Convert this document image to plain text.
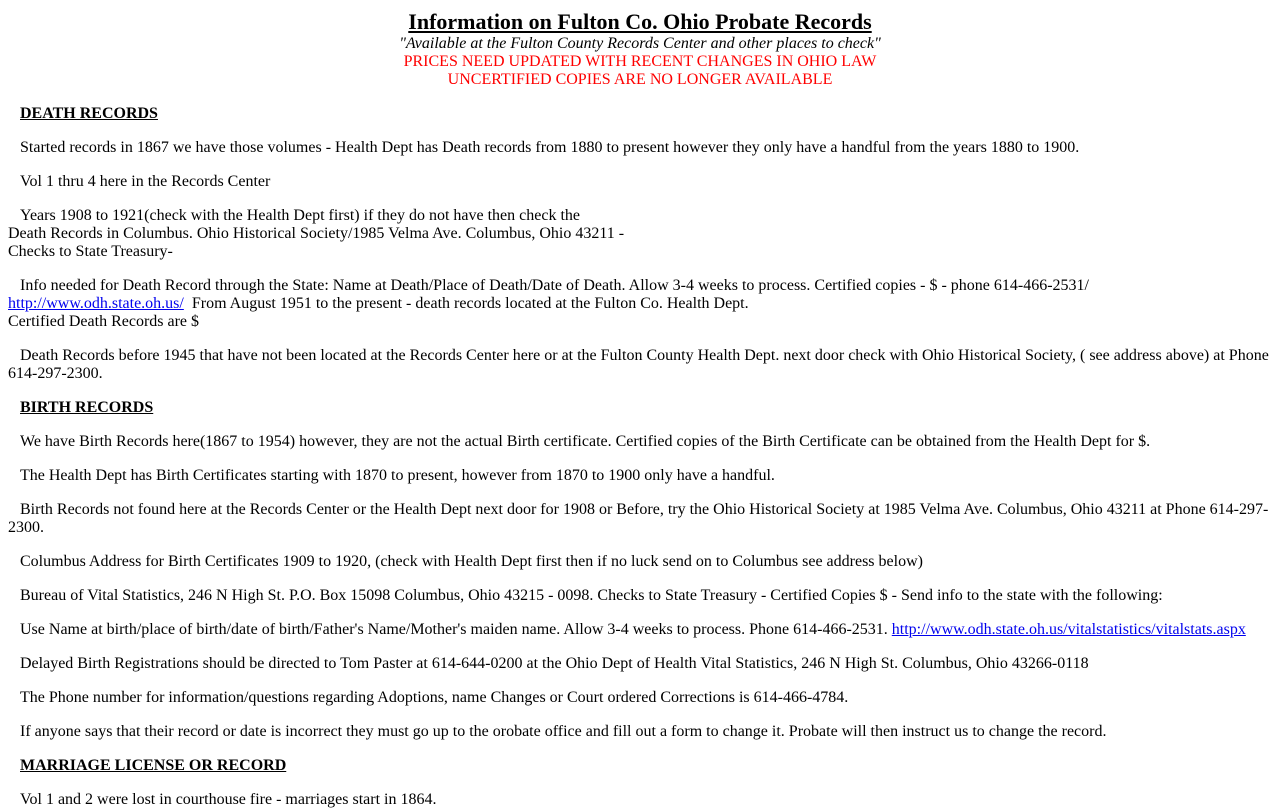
Information on Fulton Co. Ohio Probate Records
"Available at the Fulton County Records Center and other places to check"
PRICES NEED UPDATED WITH RECENT CHANGES IN OHIO LAW
UNCERTIFIED COPIES ARE NO LONGER AVAILABLE
DEATH RECORDS

Started records in 1867 we have those volumes - Health Dept has Death records from 1880 to present however they only have a handful from the years 1880 to 1900.

Vol 1 thru 4 here in the Records Center

Years 1908 to 1921(check with the Health Dept first) if they do not have then check the
Death Records in Columbus. Ohio Historical Society/1985 Velma Ave. Columbus, Ohio 43211 -
Checks to State Treasury-

Info needed for Death Record through the State: Name at Death/Place of Death/Date of Death. Allow 3-4 weeks to process. Certified copies - $ - phone 614-466-2531/
http://www.odh.state.oh.us/  From August 1951 to the present - death records located at the Fulton Co. Health Dept.
Certified Death Records are $

Death Records before 1945 that have not been located at the Records Center here or at the Fulton County Health Dept. next door check with Ohio Historical Society, ( see address above) at Phone 614-297-2300.

BIRTH RECORDS

We have Birth Records here(1867 to 1954) however, they are not the actual Birth certificate. Certified copies of the Birth Certificate can be obtained from the Health Dept for $.

The Health Dept has Birth Certificates starting with 1870 to present, however from 1870 to 1900 only have a handful.

Birth Records not found here at the Records Center or the Health Dept next door for 1908 or Before, try the Ohio Historical Society at 1985 Velma Ave. Columbus, Ohio 43211 at Phone 614-297-2300.

Columbus Address for Birth Certificates 1909 to 1920, (check with Health Dept first then if no luck send on to Columbus see address below)

Bureau of Vital Statistics, 246 N High St. P.O. Box 15098 Columbus, Ohio 43215 - 0098. Checks to State Treasury - Certified Copies $ - Send info to the state with the following:

Use Name at birth/place of birth/date of birth/Father's Name/Mother's maiden name. Allow 3-4 weeks to process. Phone 614-466-2531. http://www.odh.state.oh.us/vitalstatistics/vitalstats.aspx

Delayed Birth Registrations should be directed to Tom Paster at 614-644-0200 at the Ohio Dept of Health Vital Statistics, 246 N High St. Columbus, Ohio 43266-0118

The Phone number for information/questions regarding Adoptions, name Changes or Court ordered Corrections is 614-466-4784.

If anyone says that their record or date is incorrect they must go up to the orobate office and fill out a form to change it. Probate will then instruct us to change the record.

MARRIAGE LICENSE OR RECORD

Vol 1 and 2 were lost in courthouse fire - marriages start in 1864.
